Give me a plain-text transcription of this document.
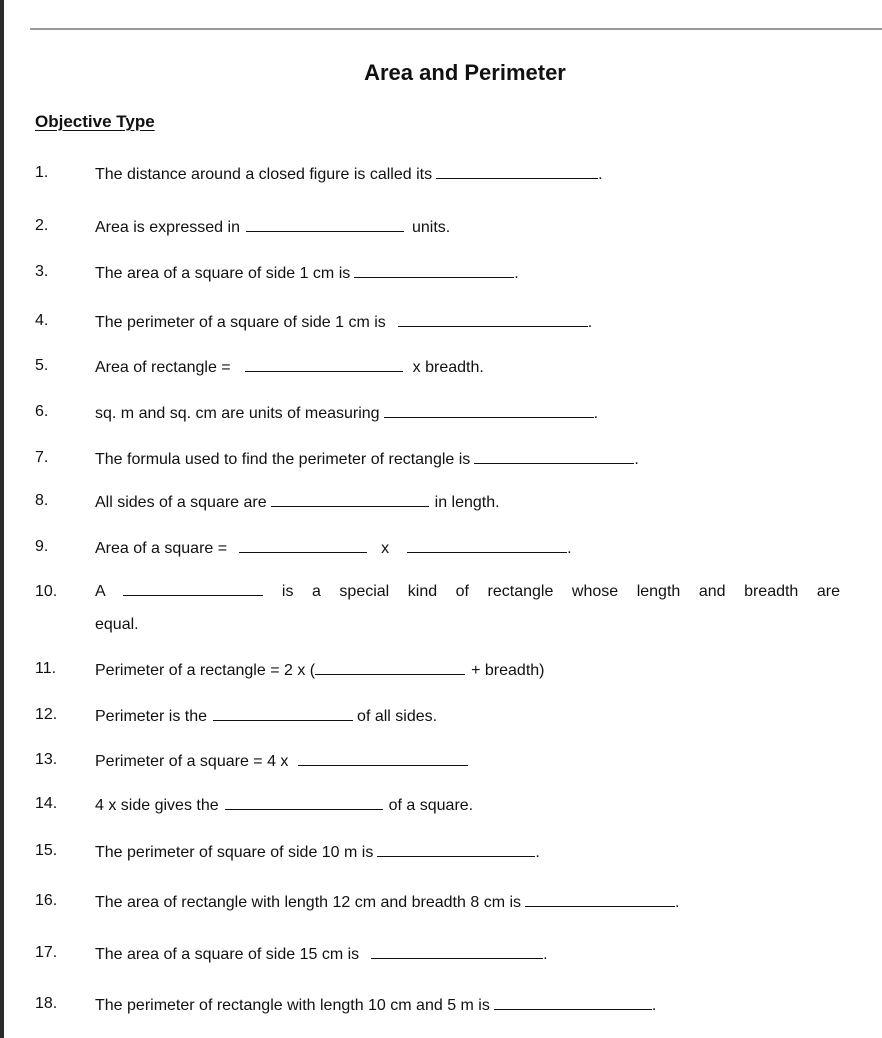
Area and Perimeter
Objective Type
1.	The distance around a closed figure is called its	.
2.	Area is expressed in	units.
3.	The area of a square of side 1 cm is	.
4.	The perimeter of a square of side 1 cm is	.
5.	Area of rectangle =	x breadth.
6.	sq. m and sq. cm are units of measuring	.
7.	The formula used to find the perimeter of rectangle is	.
8.	All sides of a square are	in length.
9.	Area of a square =	x	.
10.	A	is a special kind of rectangle whose length and breadth are
equal.
11.	Perimeter of a rectangle = 2 x (	+ breadth)
12.	Perimeter is the	of all sides.
13.	Perimeter of a square = 4 x
14.	4 x side gives the	of a square.
15.	The perimeter of square of side 10 m is	.
16.	The area of rectangle with length 12 cm and breadth 8 cm is	.
17.	The area of a square of side 15 cm is	.
18.	The perimeter of rectangle with length 10 cm and 5 m is	.
